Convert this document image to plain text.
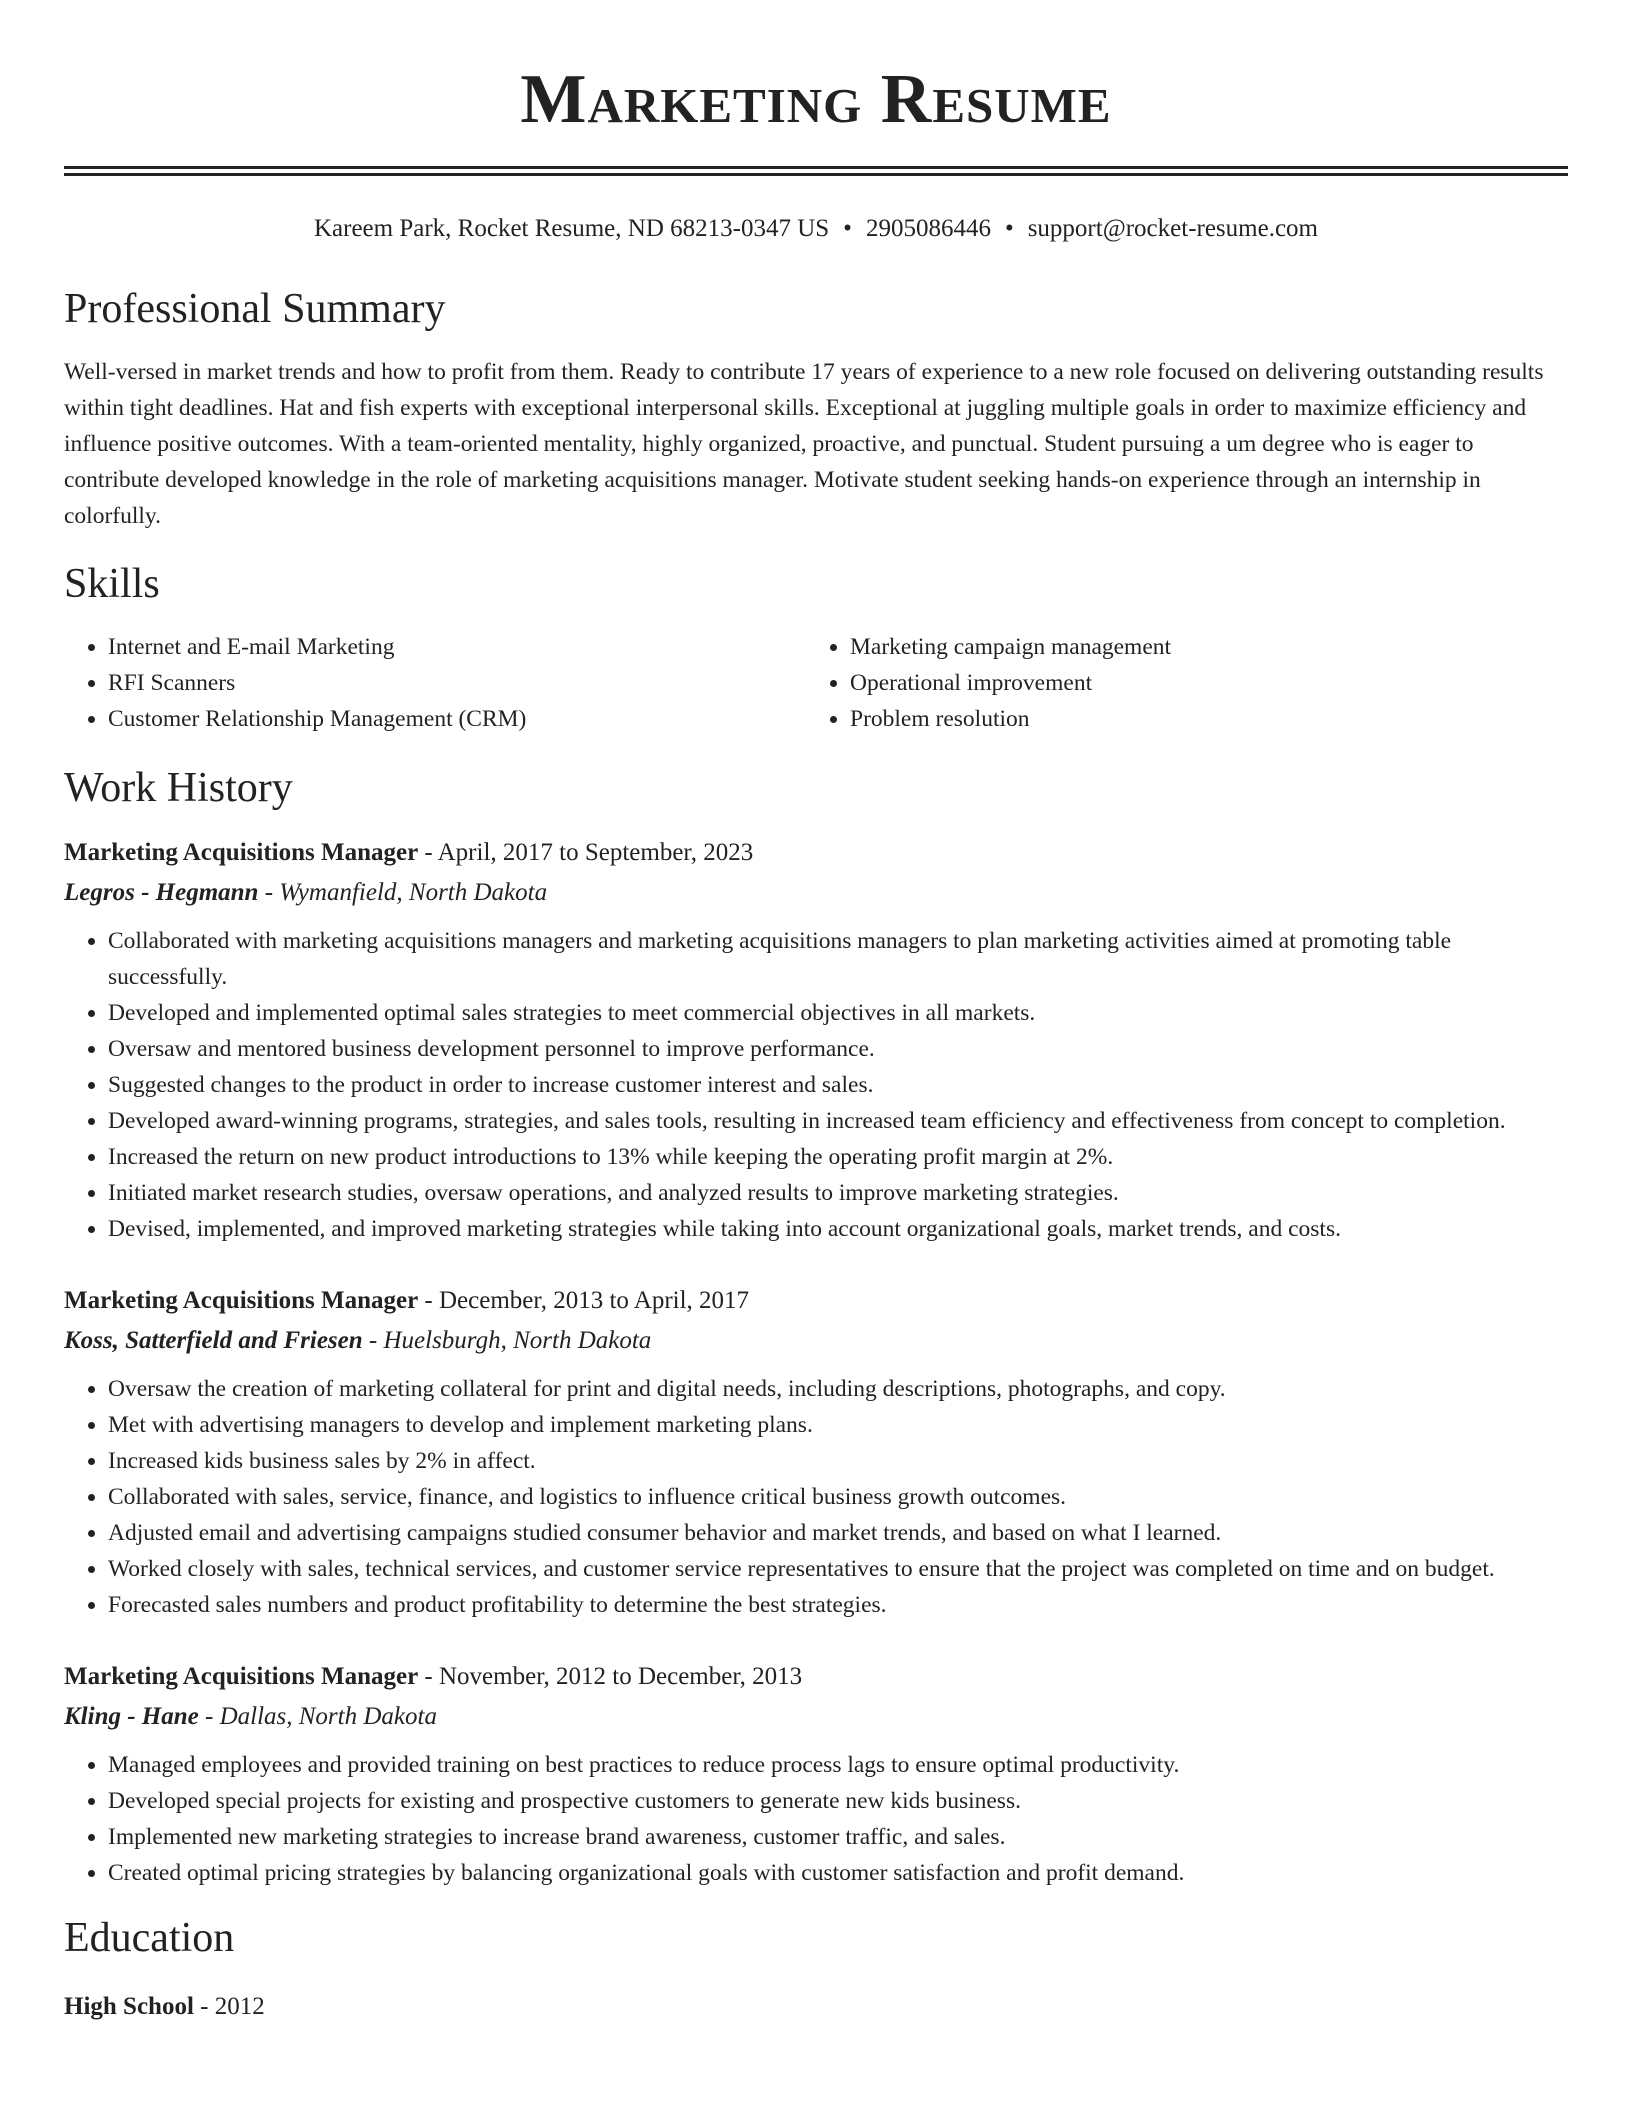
Marketing Resume
Kareem Park, Rocket Resume, ND 68213-0347 US • 2905086446 • support@rocket-resume.com
Professional Summary

Well-versed in market trends and how to profit from them. Ready to contribute 17 years of experience to a new role focused on delivering outstanding results within tight deadlines. Hat and fish experts with exceptional interpersonal skills. Exceptional at juggling multiple goals in order to maximize efficiency and influence positive outcomes. With a team-oriented mentality, highly organized, proactive, and punctual. Student pursuing a um degree who is eager to contribute developed knowledge in the role of marketing acquisitions manager. Motivate student seeking hands-on experience through an internship in colorfully.

Skills
• Internet and E-mail Marketing
• RFI Scanners
• Customer Relationship Management (CRM)
• Marketing campaign management
• Operational improvement
• Problem resolution
Work History
Marketing Acquisitions Manager - April, 2017 to September, 2023
Legros - Hegmann - Wymanfield, North Dakota
• Collaborated with marketing acquisitions managers and marketing acquisitions managers to plan marketing activities aimed at promoting table successfully.
• Developed and implemented optimal sales strategies to meet commercial objectives in all markets.
• Oversaw and mentored business development personnel to improve performance.
• Suggested changes to the product in order to increase customer interest and sales.
• Developed award-winning programs, strategies, and sales tools, resulting in increased team efficiency and effectiveness from concept to completion.
• Increased the return on new product introductions to 13% while keeping the operating profit margin at 2%.
• Initiated market research studies, oversaw operations, and analyzed results to improve marketing strategies.
• Devised, implemented, and improved marketing strategies while taking into account organizational goals, market trends, and costs.
Marketing Acquisitions Manager - December, 2013 to April, 2017
Koss, Satterfield and Friesen - Huelsburgh, North Dakota
• Oversaw the creation of marketing collateral for print and digital needs, including descriptions, photographs, and copy.
• Met with advertising managers to develop and implement marketing plans.
• Increased kids business sales by 2% in affect.
• Collaborated with sales, service, finance, and logistics to influence critical business growth outcomes.
• Adjusted email and advertising campaigns studied consumer behavior and market trends, and based on what I learned.
• Worked closely with sales, technical services, and customer service representatives to ensure that the project was completed on time and on budget.
• Forecasted sales numbers and product profitability to determine the best strategies.
Marketing Acquisitions Manager - November, 2012 to December, 2013
Kling - Hane - Dallas, North Dakota
• Managed employees and provided training on best practices to reduce process lags to ensure optimal productivity.
• Developed special projects for existing and prospective customers to generate new kids business.
• Implemented new marketing strategies to increase brand awareness, customer traffic, and sales.
• Created optimal pricing strategies by balancing organizational goals with customer satisfaction and profit demand.
Education
High School - 2012
